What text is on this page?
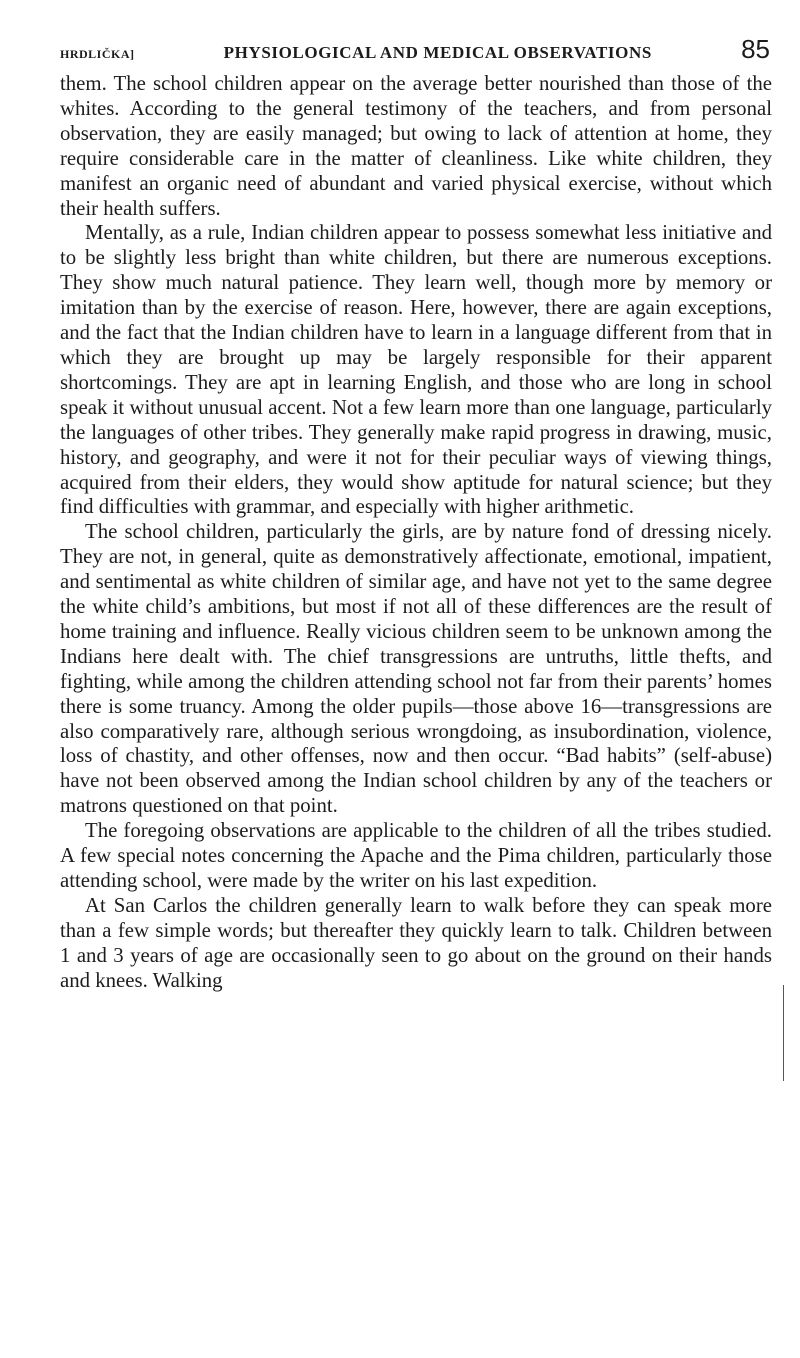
HRDLIČKA]	PHYSIOLOGICAL AND MEDICAL OBSERVATIONS	85

them. The school children appear on the average better nourished than those of the whites. According to the general testimony of the teachers, and from personal observation, they are easily managed; but owing to lack of attention at home, they require considerable care in the matter of cleanliness. Like white children, they manifest an organic need of abundant and varied physical exercise, without which their health suffers.

Mentally, as a rule, Indian children appear to possess somewhat less initiative and to be slightly less bright than white children, but there are numerous exceptions. They show much natural patience. They learn well, though more by memory or imitation than by the exercise of reason. Here, however, there are again exceptions, and the fact that the Indian children have to learn in a language different from that in which they are brought up may be largely responsible for their apparent shortcomings. They are apt in learning English, and those who are long in school speak it without unusual accent. Not a few learn more than one language, particularly the languages of other tribes. They generally make rapid progress in drawing, music, history, and geography, and were it not for their peculiar ways of viewing things, acquired from their elders, they would show aptitude for natural science; but they find difficulties with grammar, and especially with higher arithmetic.

The school children, particularly the girls, are by nature fond of dressing nicely. They are not, in general, quite as demonstratively affectionate, emotional, impatient, and sentimental as white children of similar age, and have not yet to the same degree the white child’s ambitions, but most if not all of these differences are the result of home training and influence. Really vicious children seem to be unknown among the Indians here dealt with. The chief transgressions are untruths, little thefts, and fighting, while among the children attending school not far from their parents’ homes there is some truancy. Among the older pupils—those above 16—transgressions are also comparatively rare, although serious wrongdoing, as insubordination, violence, loss of chastity, and other offenses, now and then occur. “Bad habits” (self-abuse) have not been observed among the Indian school children by any of the teachers or matrons questioned on that point.

The foregoing observations are applicable to the children of all the tribes studied. A few special notes concerning the Apache and the Pima children, particularly those attending school, were made by the writer on his last expedition.

At San Carlos the children generally learn to walk before they can speak more than a few simple words; but thereafter they quickly learn to talk. Children between 1 and 3 years of age are occasionally seen to go about on the ground on their hands and knees. Walking
